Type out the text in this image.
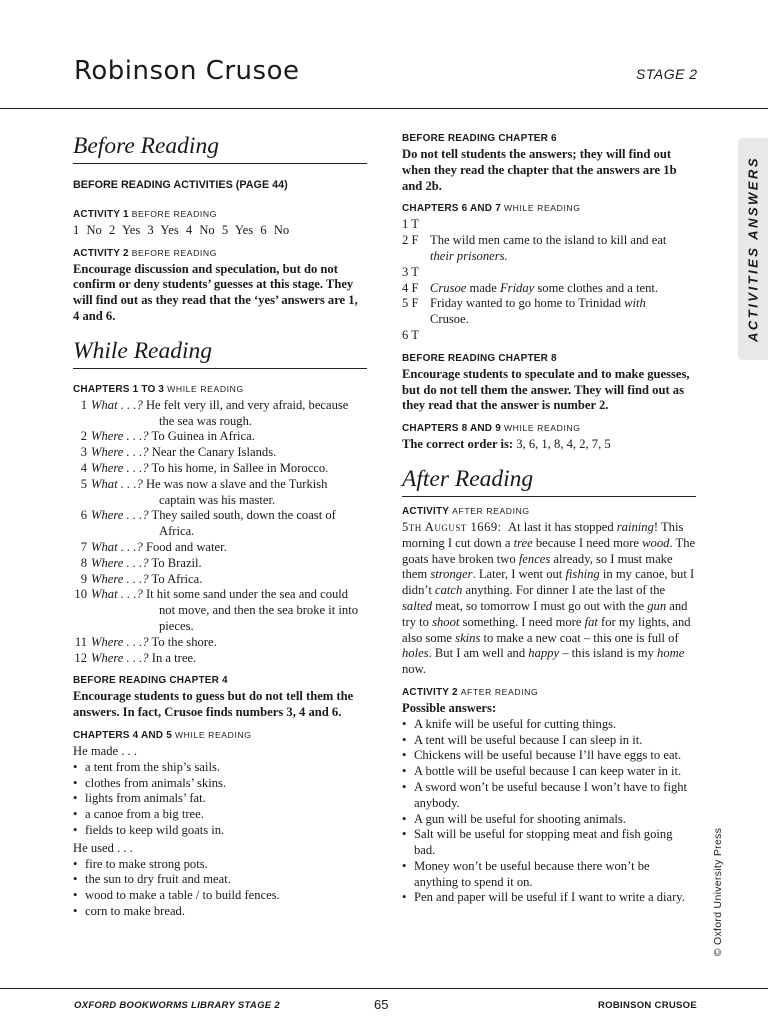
Robinson Crusoe	STAGE 2
ACTIVITIES ANSWERS
Before Reading
BEFORE READING ACTIVITIES (PAGE 44)
ACTIVITY 1 BEFORE READING
1 No 2 Yes 3 Yes 4 No 5 Yes 6 No
ACTIVITY 2 BEFORE READING
Encourage discussion and speculation, but do not confirm or deny students’ guesses at this stage. They will find out as they read that the ‘yes’ answers are 1, 4 and 6.
While Reading
CHAPTERS 1 TO 3 WHILE READING
1 What . . .? He felt very ill, and very afraid, because
the sea was rough.
2 Where . . .? To Guinea in Africa.
3 Where . . .? Near the Canary Islands.
4 Where . . .? To his home, in Sallee in Morocco.
5 What . . .? He was now a slave and the Turkish
captain was his master.
6 Where . . .? They sailed south, down the coast of
Africa.
7 What . . .? Food and water.
8 Where . . .? To Brazil.
9 Where . . .? To Africa.
10 What . . .? It hit some sand under the sea and could
not move, and then the sea broke it into
pieces.
11 Where . . .? To the shore.
12 Where . . .? In a tree.
BEFORE READING CHAPTER 4
Encourage students to guess but do not tell them the answers. In fact, Crusoe finds numbers 3, 4 and 6.
CHAPTERS 4 AND 5 WHILE READING
He made . . .
• a tent from the ship’s sails.
• clothes from animals’ skins.
• lights from animals’ fat.
• a canoe from a big tree.
• fields to keep wild goats in.
He used . . .
• fire to make strong pots.
• the sun to dry fruit and meat.
• wood to make a table / to build fences.
• corn to make bread.
BEFORE READING CHAPTER 6
Do not tell students the answers; they will find out when they read the chapter that the answers are 1b and 2b.
CHAPTERS 6 AND 7 WHILE READING
1 T
2 F The wild men came to the island to kill and eat
their prisoners.
3 T
4 F Crusoe made Friday some clothes and a tent.
5 F Friday wanted to go home to Trinidad with
Crusoe.
6 T
BEFORE READING CHAPTER 8
Encourage students to speculate and to make guesses, but do not tell them the answer. They will find out as they read that the answer is number 2.
CHAPTERS 8 AND 9 WHILE READING
The correct order is: 3, 6, 1, 8, 4, 2, 7, 5
After Reading
ACTIVITY AFTER READING
5th August 1669:  At last it has stopped raining! This morning I cut down a tree because I need more wood. The goats have broken two fences already, so I must make them stronger. Later, I went out fishing in my canoe, but I didn’t catch anything. For dinner I ate the last of the salted meat, so tomorrow I must go out with the gun and try to shoot something. I need more fat for my lights, and also some skins to make a new coat – this one is full of holes. But I am well and happy – this island is my home now.
ACTIVITY 2 AFTER READING
Possible answers:
• A knife will be useful for cutting things.
• A tent will be useful because I can sleep in it.
• Chickens will be useful because I’ll have eggs to eat.
• A bottle will be useful because I can keep water in it.
• A sword won’t be useful because I won’t have to fight anybody.
• A gun will be useful for shooting animals.
• Salt will be useful for stopping meat and fish going bad.
• Money won’t be useful because there won’t be anything to spend it on.
• Pen and paper will be useful if I want to write a diary.	© Oxford University Press
OXFORD BOOKWORMS LIBRARY STAGE 2	65	ROBINSON CRUSOE
